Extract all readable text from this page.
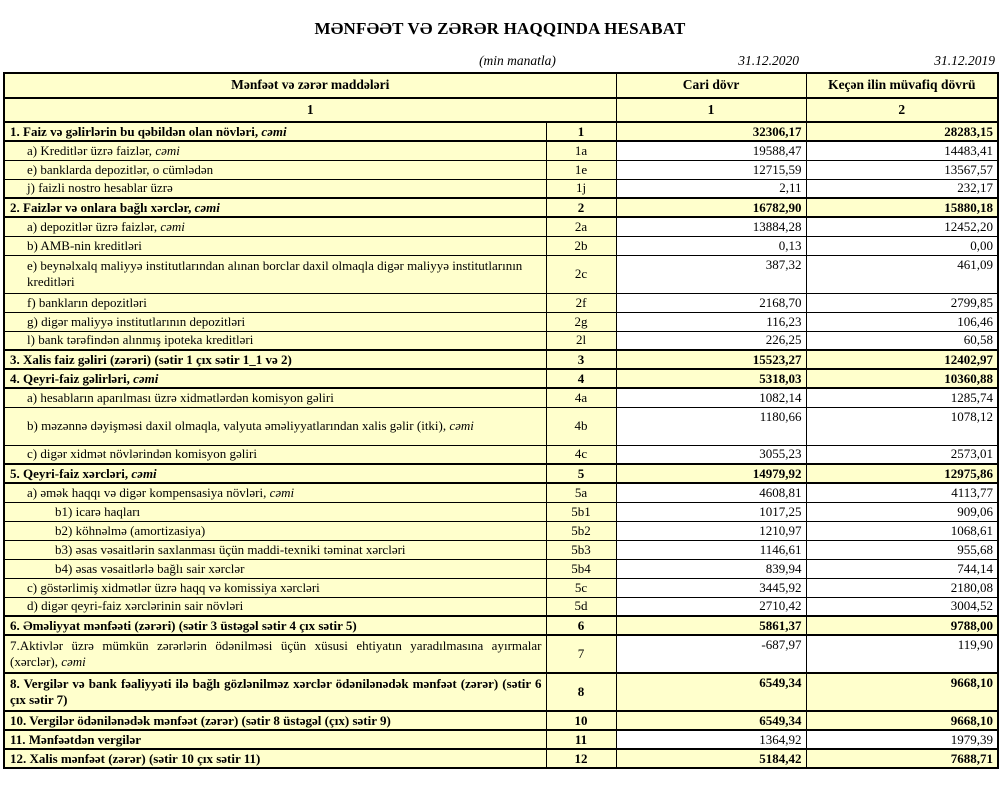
MƏNFƏƏT VƏ ZƏRƏR HAQQINDA HESABAT
(min manatla)	31.12.2020	31.12.2019
Mənfəət və zərər maddələri		Cari dövr	Keçən ilin müvafiq dövrü
1		1	2
1. Faiz və gəlirlərin bu qəbildən olan növləri, cəmi	1	32306,17	28283,15
a) Kreditlər üzrə faizlər, cəmi	1a	19588,47	14483,41
e) banklarda depozitlər, o cümlədən	1e	12715,59	13567,57
j) faizli nostro hesablar üzrə	1j	2,11	232,17
2. Faizlər və onlara bağlı xərclər, cəmi	2	16782,90	15880,18
a) depozitlər üzrə faizlər, cəmi	2a	13884,28	12452,20
b) AMB-nin kreditləri	2b	0,13	0,00
e) beynəlxalq maliyyə institutlarından alınan borclar daxil olmaqla digər maliyyə institutlarının kreditləri	2c	387,32	461,09
f) bankların depozitləri	2f	2168,70	2799,85
g) digər maliyyə institutlarının depozitləri	2g	116,23	106,46
l) bank tərəfindən alınmış ipoteka kreditləri	2l	226,25	60,58
3. Xalis faiz gəliri (zərəri) (sətir 1 çıx sətir 1_1 və 2)	3	15523,27	12402,97
4. Qeyri-faiz gəlirləri, cəmi	4	5318,03	10360,88
a) hesabların aparılması üzrə xidmətlərdən komisyon gəliri	4a	1082,14	1285,74
b) məzənnə dəyişməsi daxil olmaqla, valyuta əməliyyatlarından xalis gəlir (itki), cəmi	4b	1180,66	1078,12
c) digər xidmət növlərindən komisyon gəliri	4c	3055,23	2573,01
5. Qeyri-faiz xərcləri, cəmi	5	14979,92	12975,86
a) əmək haqqı və digər kompensasiya növləri, cəmi	5a	4608,81	4113,77
b1) icarə haqları	5b1	1017,25	909,06
b2) köhnəlmə (amortizasiya)	5b2	1210,97	1068,61
b3) əsas vəsaitlərin saxlanması üçün maddi-texniki təminat xərcləri	5b3	1146,61	955,68
b4) əsas vəsaitlərlə bağlı sair xərclər	5b4	839,94	744,14
c) göstərlimiş xidmətlər üzrə haqq və komissiya xərcləri	5c	3445,92	2180,08
d) digər qeyri-faiz xərclərinin sair növləri	5d	2710,42	3004,52
6. Əməliyyat mənfəəti (zərəri) (sətir 3 üstəgəl sətir 4 çıx sətir 5)	6	5861,37	9788,00
7.Aktivlər üzrə mümkün zərərlərin ödənilməsi üçün xüsusi ehtiyatın yaradılmasına ayırmalar (xərclər), cəmi	7	-687,97	119,90
8. Vergilər və bank fəaliyyəti ilə bağlı gözlənilməz xərclər ödənilənədək mənfəət (zərər) (sətir 6 çıx sətir 7)	8	6549,34	9668,10
10. Vergilər ödənilənədək mənfəət (zərər) (sətir 8 üstəgəl (çıx) sətir 9)	10	6549,34	9668,10
11. Mənfəətdən vergilər	11	1364,92	1979,39
12. Xalis mənfəət (zərər) (sətir 10 çıx sətir 11)	12	5184,42	7688,71
